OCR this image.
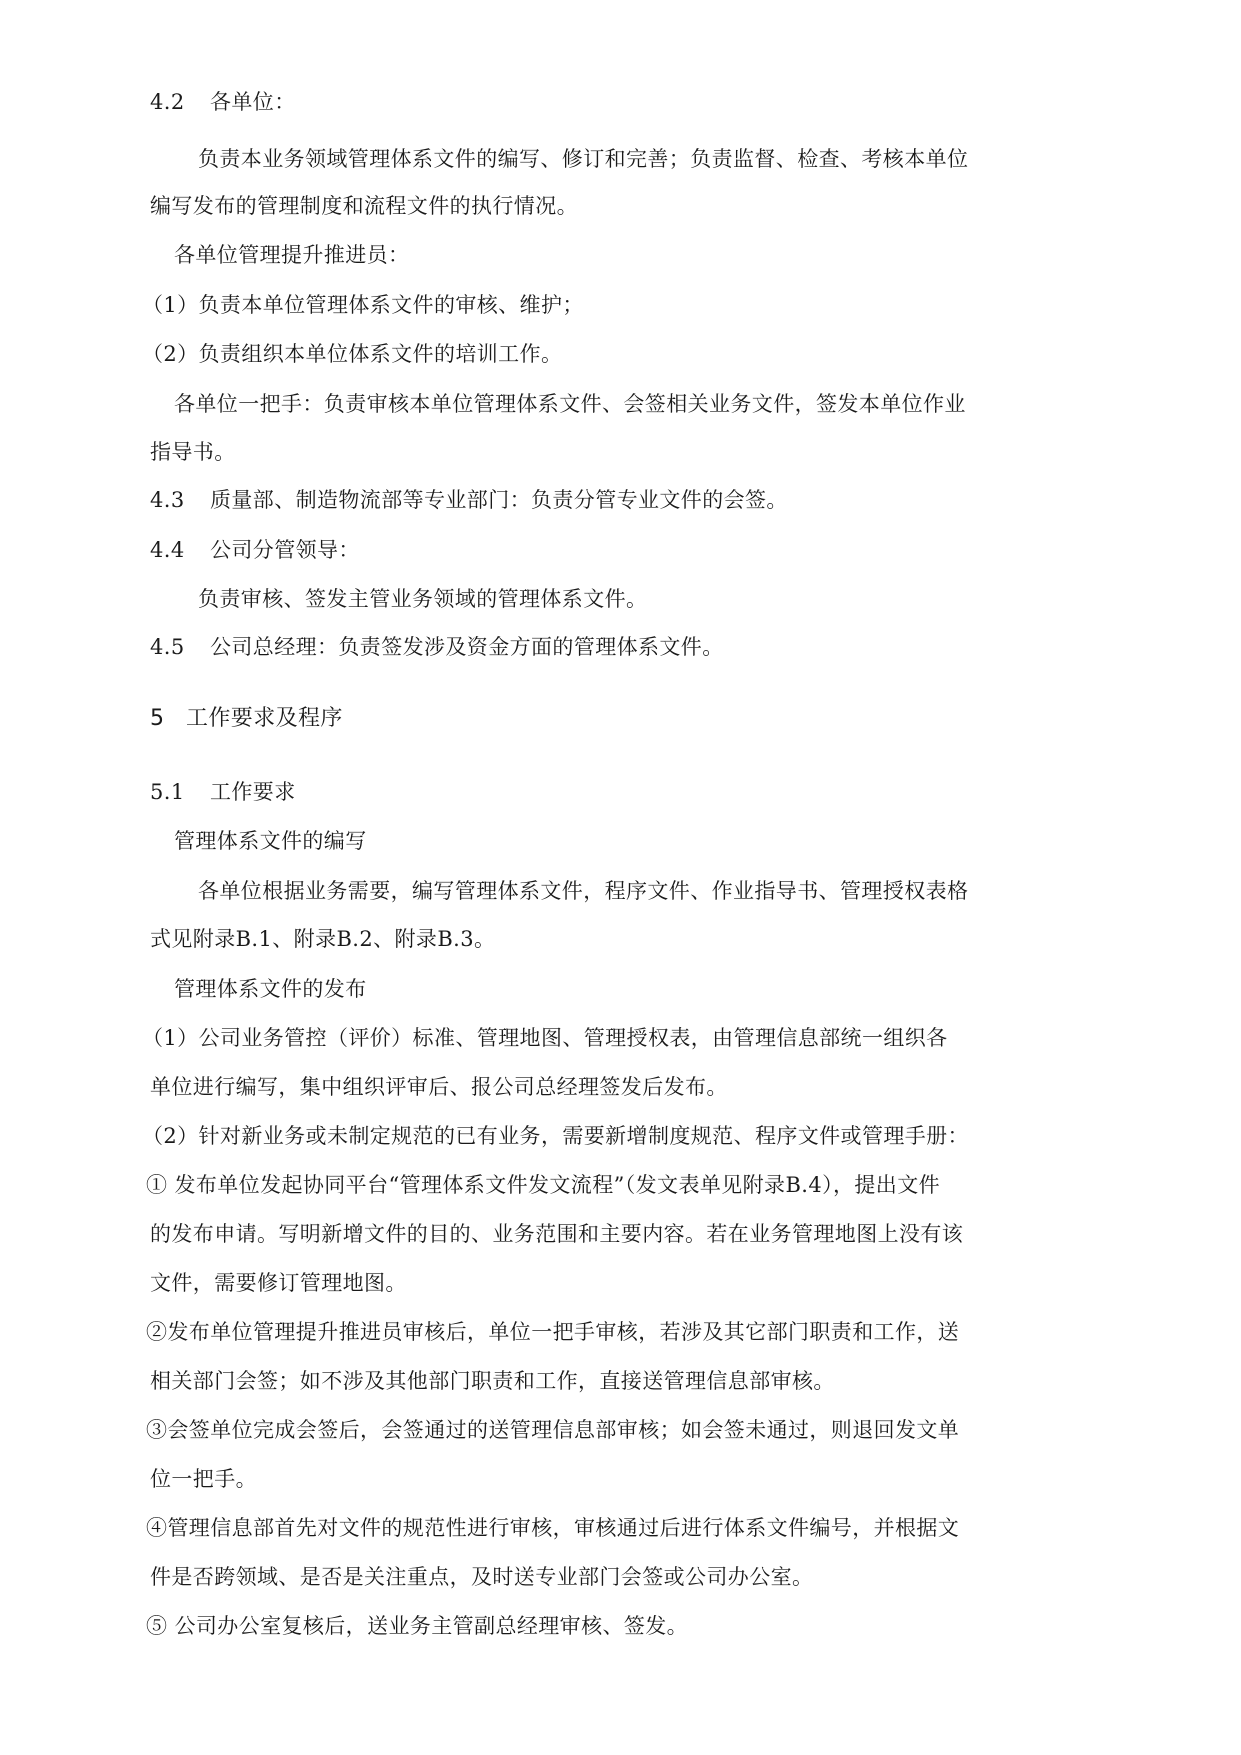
4.2 各单位：
负责本业务领域管理体系文件的编写、修订和完善；负责监督、检查、考核本单位
编写发布的管理制度和流程文件的执行情况。
各单位管理提升推进员：
（1）负责本单位管理体系文件的审核、维护；
（2）负责组织本单位体系文件的培训工作。
各单位一把手：负责审核本单位管理体系文件、会签相关业务文件，签发本单位作业
指导书。
4.3 质量部、制造物流部等专业部门：负责分管专业文件的会签。
4.4 公司分管领导：
负责审核、签发主管业务领域的管理体系文件。
4.5 公司总经理：负责签发涉及资金方面的管理体系文件。
5 工作要求及程序
5.1 工作要求
管理体系文件的编写
各单位根据业务需要，编写管理体系文件，程序文件、作业指导书、管理授权表格
式见附录B.1、附录B.2、附录B.3。
管理体系文件的发布
（1）公司业务管控（评价）标准、管理地图、管理授权表，由管理信息部统一组织各
单位进行编写，集中组织评审后、报公司总经理签发后发布。
（2）针对新业务或未制定规范的已有业务，需要新增制度规范、程序文件或管理手册：
① 发布单位发起协同平台“管理体系文件发文流程”（发文表单见附录B.4），提出文件
的发布申请。写明新增文件的目的、业务范围和主要内容。若在业务管理地图上没有该
文件，需要修订管理地图。
②发布单位管理提升推进员审核后，单位一把手审核，若涉及其它部门职责和工作，送
相关部门会签；如不涉及其他部门职责和工作，直接送管理信息部审核。
③会签单位完成会签后，会签通过的送管理信息部审核；如会签未通过，则退回发文单
位一把手。
④管理信息部首先对文件的规范性进行审核，审核通过后进行体系文件编号，并根据文
件是否跨领域、是否是关注重点，及时送专业部门会签或公司办公室。
⑤ 公司办公室复核后，送业务主管副总经理审核、签发。
